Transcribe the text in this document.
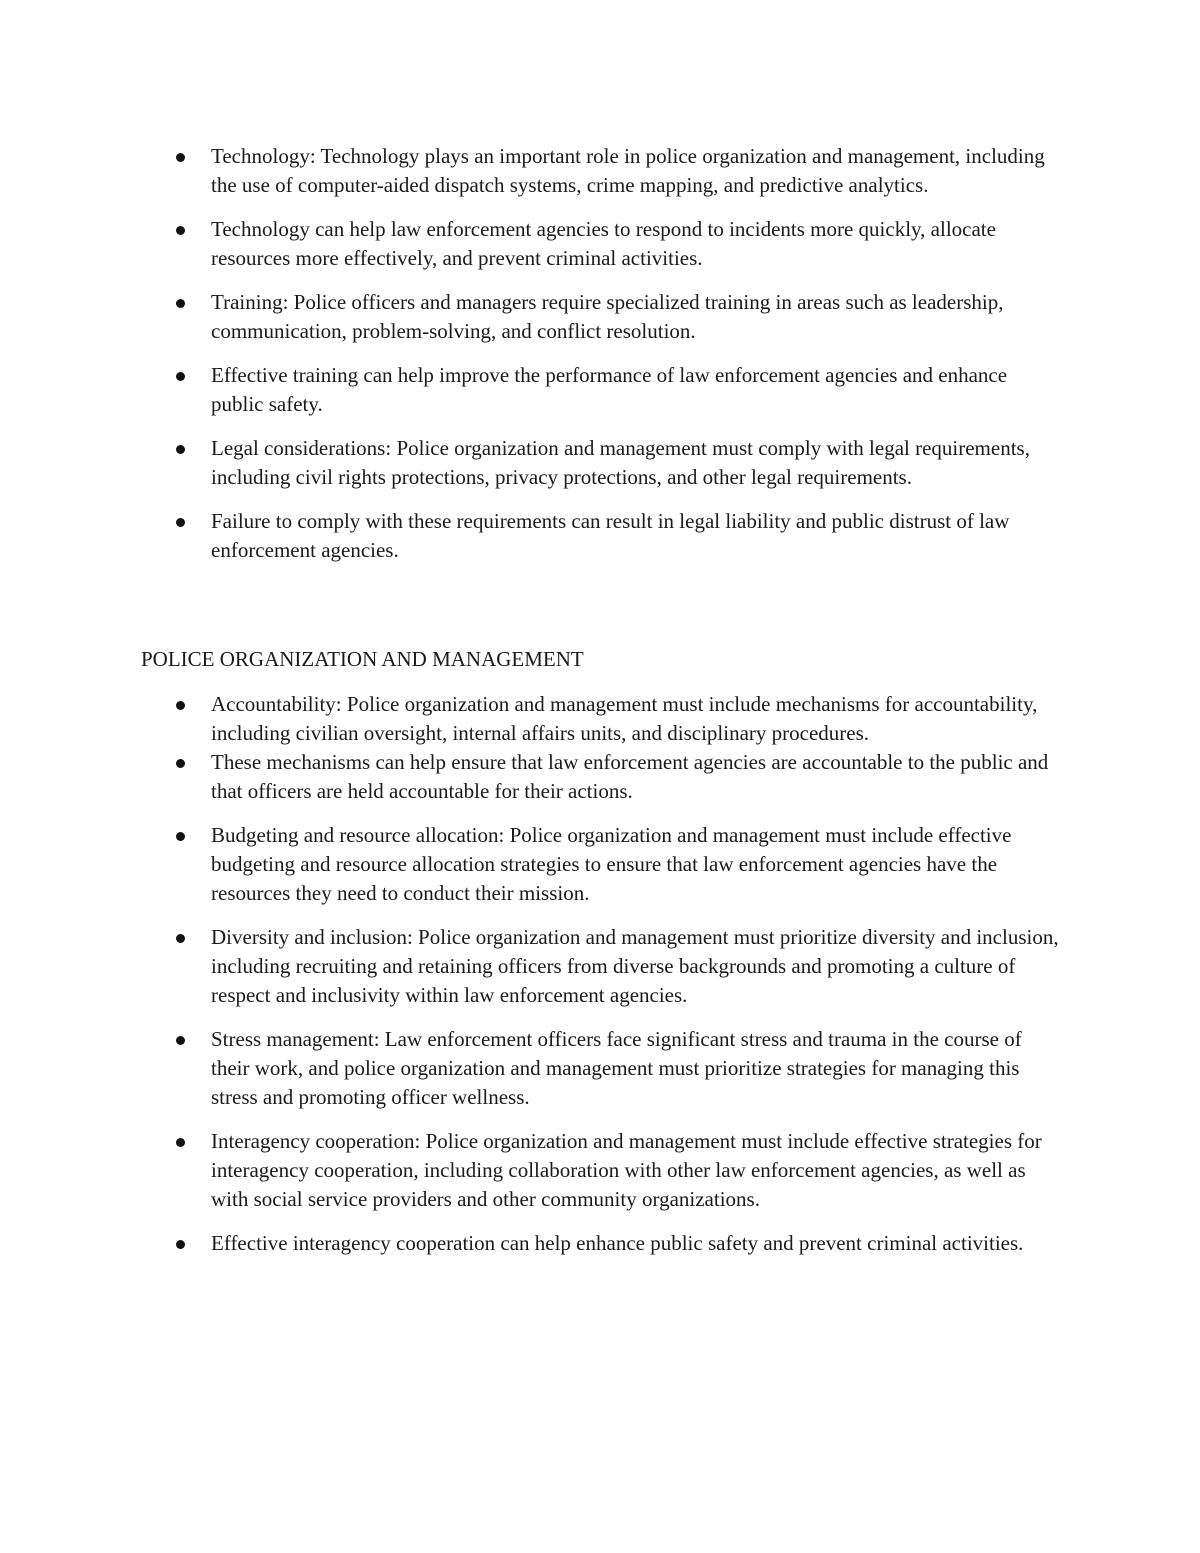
Technology: Technology plays an important role in police organization and management, including the use of computer-aided dispatch systems, crime mapping, and predictive analytics.
Technology can help law enforcement agencies to respond to incidents more quickly, allocate resources more effectively, and prevent criminal activities.
Training: Police officers and managers require specialized training in areas such as leadership, communication, problem-solving, and conflict resolution.
Effective training can help improve the performance of law enforcement agencies and enhance public safety.
Legal considerations: Police organization and management must comply with legal requirements, including civil rights protections, privacy protections, and other legal requirements.
Failure to comply with these requirements can result in legal liability and public distrust of law enforcement agencies.
POLICE ORGANIZATION AND MANAGEMENT
Accountability: Police organization and management must include mechanisms for accountability, including civilian oversight, internal affairs units, and disciplinary procedures.
These mechanisms can help ensure that law enforcement agencies are accountable to the public and that officers are held accountable for their actions.
Budgeting and resource allocation: Police organization and management must include effective budgeting and resource allocation strategies to ensure that law enforcement agencies have the resources they need to conduct their mission.
Diversity and inclusion: Police organization and management must prioritize diversity and inclusion, including recruiting and retaining officers from diverse backgrounds and promoting a culture of respect and inclusivity within law enforcement agencies.
Stress management: Law enforcement officers face significant stress and trauma in the course of their work, and police organization and management must prioritize strategies for managing this stress and promoting officer wellness.
Interagency cooperation: Police organization and management must include effective strategies for interagency cooperation, including collaboration with other law enforcement agencies, as well as with social service providers and other community organizations.
Effective interagency cooperation can help enhance public safety and prevent criminal activities.
